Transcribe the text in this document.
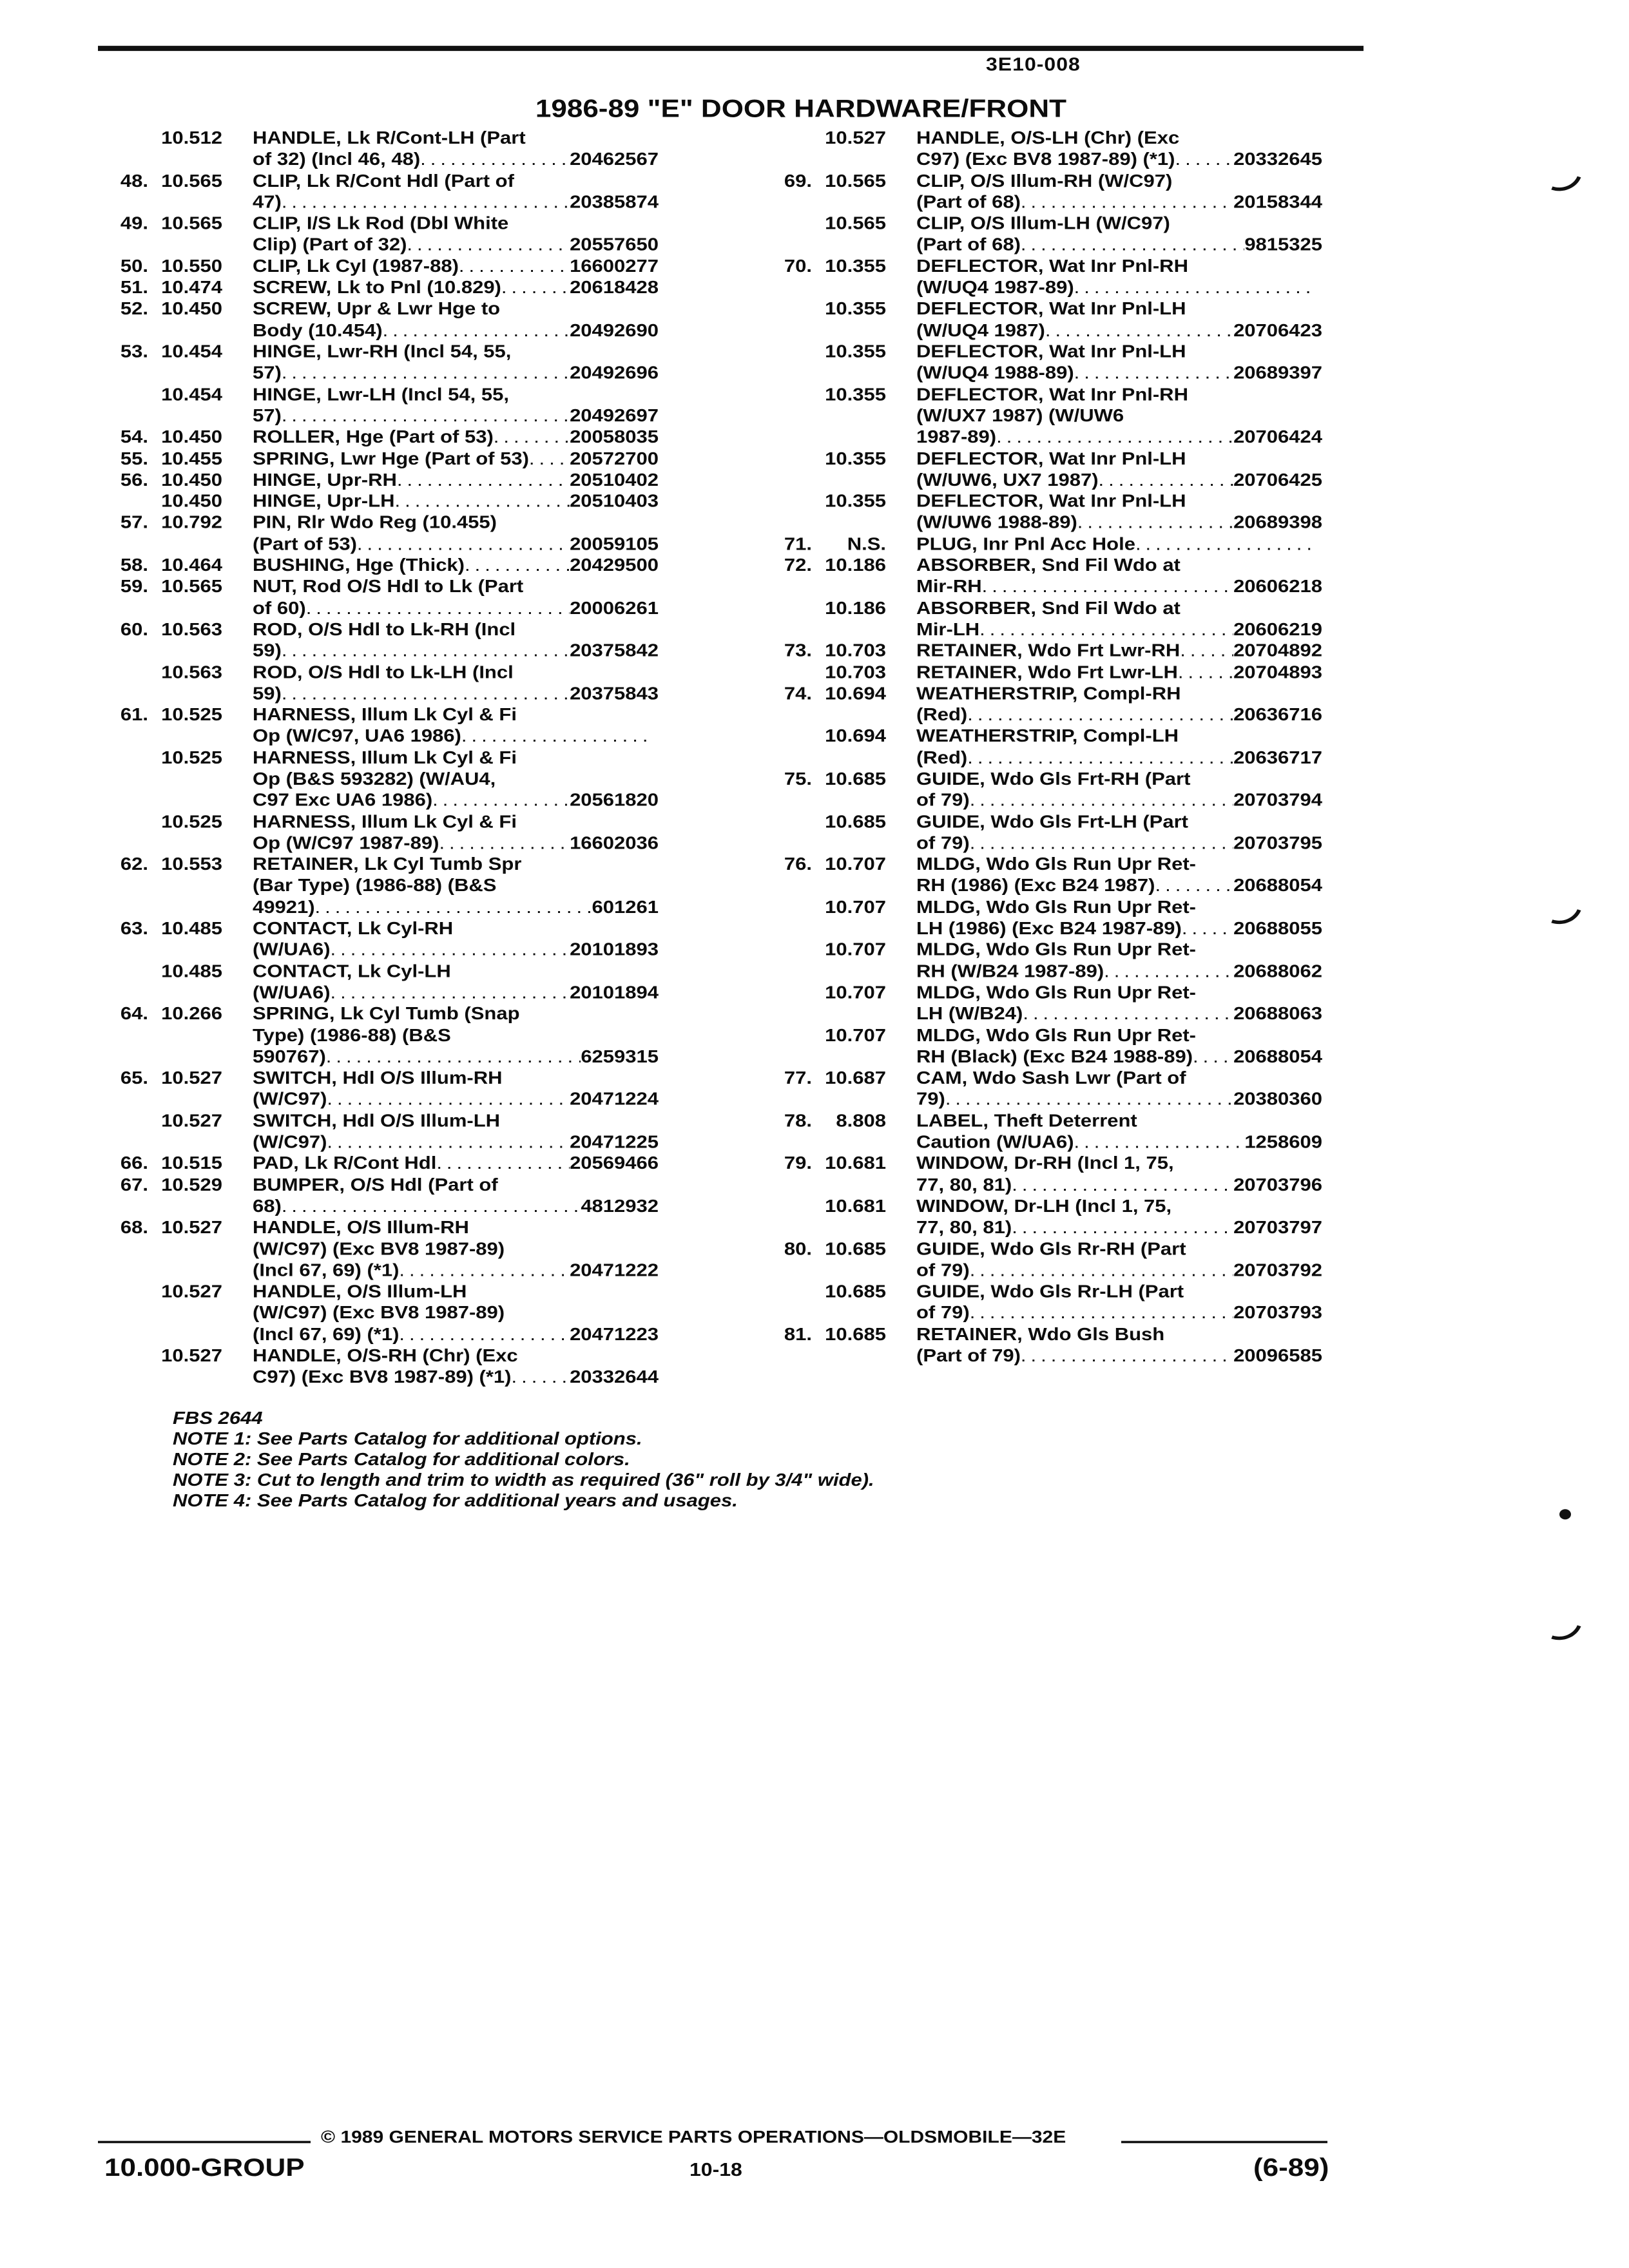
3E10-008
1986-89 "E" DOOR HARDWARE/FRONT
10.512 HANDLE, Lk R/Cont-LH (Part
of 32) (Incl 46, 48) .....	20462567
48. 10.565 CLIP, Lk R/Cont Hdl (Part of
47) .....	20385874
49. 10.565 CLIP, I/S Lk Rod (Dbl White
Clip) (Part of 32) .....	20557650
50. 10.550 CLIP, Lk Cyl (1987-88) .....	16600277
51. 10.474 SCREW, Lk to Pnl (10.829) .....	20618428
52. 10.450 SCREW, Upr & Lwr Hge to
Body (10.454) .....	20492690
53. 10.454 HINGE, Lwr-RH (Incl 54, 55,
57) .....	20492696
10.454 HINGE, Lwr-LH (Incl 54, 55,
57) .....	20492697
54. 10.450 ROLLER, Hge (Part of 53) .....	20058035
55. 10.455 SPRING, Lwr Hge (Part of 53) ..... 20572700
56. 10.450 HINGE, Upr-RH .....	20510402
10.450 HINGE, Upr-LH .....	20510403
57. 10.792 PIN, Rlr Wdo Reg (10.455)
(Part of 53) .....	20059105
58. 10.464 BUSHING, Hge (Thick) .....	20429500
59. 10.565 NUT, Rod O/S Hdl to Lk (Part
of 60) .....	20006261
60. 10.563 ROD, O/S Hdl to Lk-RH (Incl
59) .....	20375842
10.563 ROD, O/S Hdl to Lk-LH (Incl
59) .....	20375843
61. 10.525 HARNESS, Illum Lk Cyl & Fi
Op (W/C97, UA6 1986)
.....
10.525 HARNESS, Illum Lk Cyl & Fi
Op (B&S 593282) (W/AU4,
C97 Exc UA6 1986) .....	20561820
10.525 HARNESS, Illum Lk Cyl & Fi
Op (W/C97 1987-89) .....	16602036
62. 10.553 RETAINER, Lk Cyl Tumb Spr
(Bar Type) (1986-88) (B&S
49921) .....	601261
63. 10.485 CONTACT, Lk Cyl-RH
(W/UA6) .....	20101893
10.485 CONTACT, Lk Cyl-LH
(W/UA6) .....	20101894
64. 10.266 SPRING, Lk Cyl Tumb (Snap
Type) (1986-88) (B&S
590767) .....	6259315
65. 10.527 SWITCH, Hdl O/S Illum-RH
(W/C97) .....	20471224
10.527 SWITCH, Hdl O/S Illum-LH
(W/C97) .....	20471225
66. 10.515 PAD, Lk R/Cont Hdl .....	20569466
67. 10.529 BUMPER, O/S Hdl (Part of
68) .....	4812932
68. 10.527 HANDLE, O/S Illum-RH
(W/C97) (Exc BV8 1987-89)
(Incl 67, 69) (*1) .....	20471222
10.527 HANDLE, O/S Illum-LH
(W/C97) (Exc BV8 1987-89)
(Incl 67, 69) (*1) .....	20471223
10.527 HANDLE, O/S-RH (Chr) (Exc
C97) (Exc BV8 1987-89) (*1) .....	20332644
10.527 HANDLE, O/S-LH (Chr) (Exc
C97) (Exc BV8 1987-89) (*1) .....	20332645
69. 10.565 CLIP, O/S Illum-RH (W/C97)
(Part of 68) .....	20158344
10.565 CLIP, O/S Illum-LH (W/C97)
(Part of 68) .....	9815325
70. 10.355 DEFLECTOR, Wat Inr Pnl-RH
(W/UQ4 1987-89)
.....
10.355 DEFLECTOR, Wat Inr Pnl-LH
(W/UQ4 1987) .....	20706423
10.355 DEFLECTOR, Wat Inr Pnl-LH
(W/UQ4 1988-89) .....	20689397
10.355 DEFLECTOR, Wat Inr Pnl-RH
(W/UX7 1987) (W/UW6
1987-89) .....	20706424
10.355 DEFLECTOR, Wat Inr Pnl-LH
(W/UW6, UX7 1987) .....	20706425
10.355 DEFLECTOR, Wat Inr Pnl-LH
(W/UW6 1988-89) .....	20689398
71.	N.S. PLUG, Inr Pnl Acc Hole
.....
72. 10.186 ABSORBER, Snd Fil Wdo at
Mir-RH .....	20606218
10.186 ABSORBER, Snd Fil Wdo at
Mir-LH .....	20606219
73. 10.703 RETAINER, Wdo Frt Lwr-RH .....	20704892
10.703 RETAINER, Wdo Frt Lwr-LH .....	20704893
74. 10.694 WEATHERSTRIP, Compl-RH
(Red) .....	20636716
10.694 WEATHERSTRIP, Compl-LH
(Red) .....	20636717
75. 10.685 GUIDE, Wdo Gls Frt-RH (Part
of 79) .....	20703794
10.685 GUIDE, Wdo Gls Frt-LH (Part
of 79) .....	20703795
76. 10.707 MLDG, Wdo Gls Run Upr Ret-
RH (1986) (Exc B24 1987) .....	20688054
10.707 MLDG, Wdo Gls Run Upr Ret-
LH (1986) (Exc B24 1987-89) .....	20688055
10.707 MLDG, Wdo Gls Run Upr Ret-
RH (W/B24 1987-89) .....	20688062
10.707 MLDG, Wdo Gls Run Upr Ret-
LH (W/B24) .....	20688063
10.707 MLDG, Wdo Gls Run Upr Ret-
RH (Black) (Exc B24 1988-89) ..... 20688054
77. 10.687 CAM, Wdo Sash Lwr (Part of
79) .....	20380360
78.	8.808 LABEL, Theft Deterrent
Caution (W/UA6) .....	1258609
79. 10.681 WINDOW, Dr-RH (Incl 1, 75,
77, 80, 81) .....	20703796
10.681 WINDOW, Dr-LH (Incl 1, 75,
77, 80, 81) .....	20703797
80. 10.685 GUIDE, Wdo Gls Rr-RH (Part
of 79) .....	20703792
10.685 GUIDE, Wdo Gls Rr-LH (Part
of 79) .....	20703793
81. 10.685 RETAINER, Wdo Gls Bush
(Part of 79) .....	20096585
FBS 2644
NOTE 1: See Parts Catalog for additional options.
NOTE 2: See Parts Catalog for additional colors.
NOTE 3: Cut to length and trim to width as required (36" roll by 3/4" wide).
NOTE 4: See Parts Catalog for additional years and usages.
© 1989 GENERAL MOTORS SERVICE PARTS OPERATIONS—OLDSMOBILE—32E
10.000-GROUP	10-18	(6-89)
